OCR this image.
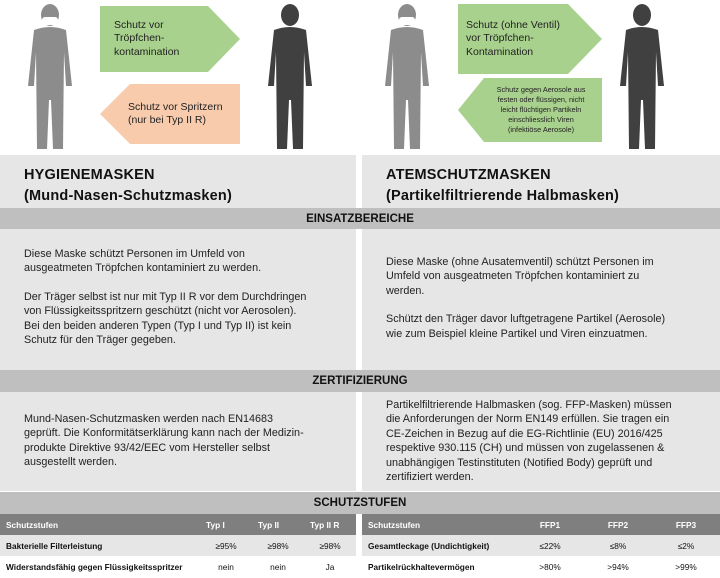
Schutz vor
Tröpfchen-
kontamination
Schutz vor Spritzern
(nur bei Typ II R)
Schutz (ohne Ventil)
vor Tröpfchen-
Kontamination
Schutz gegen Aerosole aus
festen oder flüssigen, nicht
leicht flüchtigen Partikeln
einschliesslich Viren
(infektiöse Aerosole)
HYGIENEMASKEN
(Mund-Nasen-Schutzmasken)
ATEMSCHUTZMASKEN
(Partikelfiltrierende Halbmasken)
EINSATZBEREICHE

Diese Maske schützt Personen im Umfeld von
ausgeatmeten Tröpfchen kontaminiert zu werden.

Der Träger selbst ist nur mit Typ II R vor dem Durchdringen
von Flüssigkeitsspritzern geschützt (nicht vor Aerosolen).
Bei den beiden anderen Typen (Typ I und Typ II) ist kein
Schutz für den Träger gegeben.

Diese Maske (ohne Ausatemventil) schützt Personen im
Umfeld von ausgeatmeten Tröpfchen kontaminiert zu
werden.

Schützt den Träger davor luftgetragene Partikel (Aerosole)
wie zum Beispiel kleine Partikel und Viren einzuatmen.

ZERTIFIZIERUNG

Mund-Nasen-Schutzmasken werden nach EN14683
geprüft. Die Konformitätserklärung kann nach der Medizin-
produkte Direktive 93/42/EEC vom Hersteller selbst
ausgestellt werden.

Partikelfiltrierende Halbmasken (sog. FFP-Masken) müssen
die Anforderungen der Norm EN149 erfüllen. Sie tragen ein
CE-Zeichen in Bezug auf die EG-Richtlinie (EU) 2016/425
respektive 930.115 (CH) und müssen von zugelassenen &
unabhängigen Testinstituten (Notified Body) geprüft und
zertifiziert werden.

SCHUTZSTUFEN
Schutzstufen	Typ I	Typ II	Typ II R
Bakterielle Filterleistung	≥95%	≥98%	≥98%
Widerstandsfähig gegen Flüssigkeitsspritzer	nein	nein	Ja
Schutzstufen	FFP1	FFP2	FFP3
Gesamtleckage (Undichtigkeit)	≤22%	≤8%	≤2%
Partikelrückhaltevermögen	>80%	>94%	>99%
